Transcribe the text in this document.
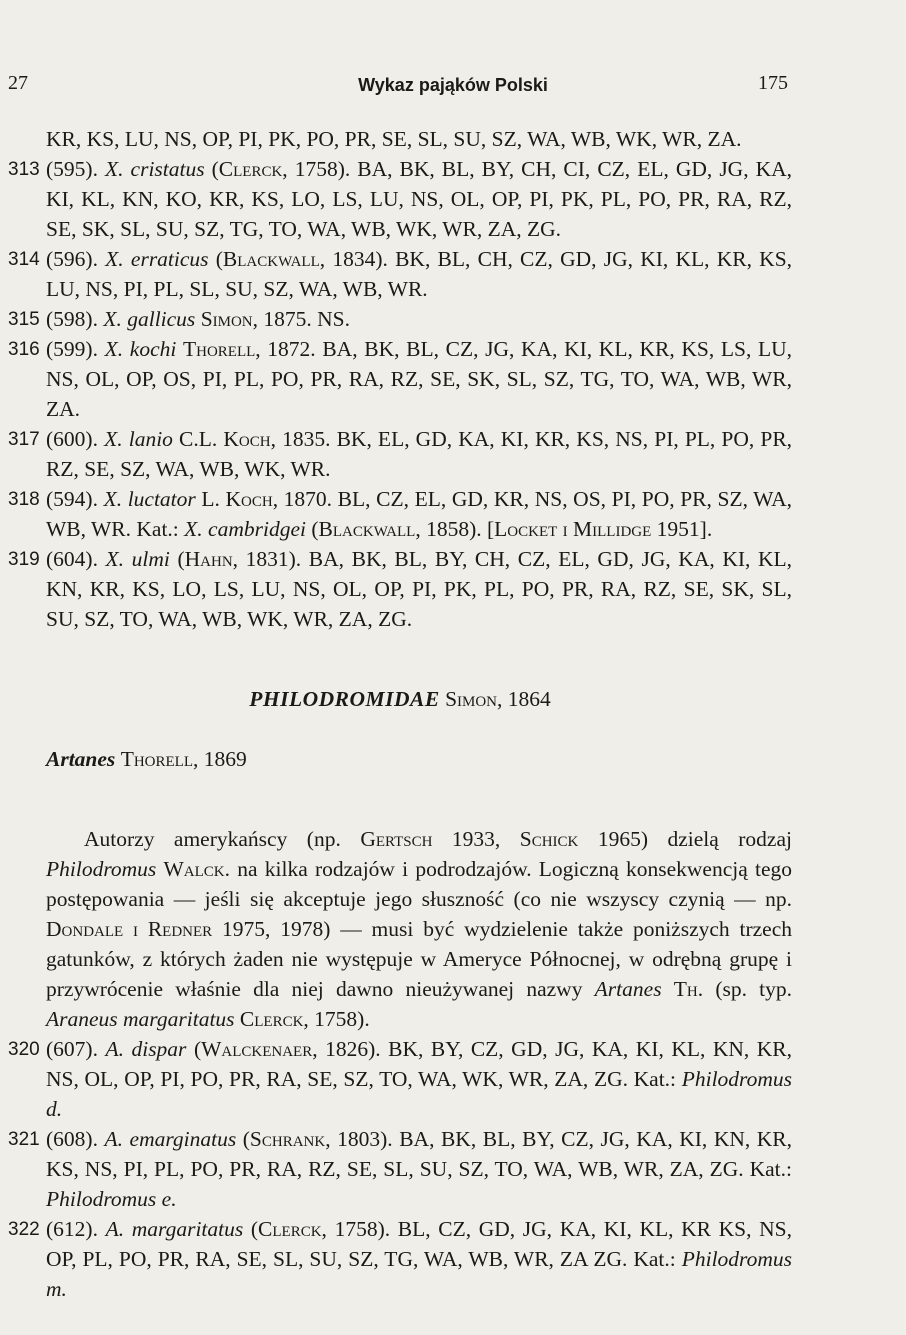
27	Wykaz pająków Polski	175
KR, KS, LU, NS, OP, PI, PK, PO, PR, SE, SL, SU, SZ, WA, WB, WK, WR, ZA.
313 (595). X. cristatus (Clerck, 1758). BA, BK, BL, BY, CH, CI, CZ, EL, GD, JG, KA, KI, KL, KN, KO, KR, KS, LO, LS, LU, NS, OL, OP, PI, PK, PL, PO, PR, RA, RZ, SE, SK, SL, SU, SZ, TG, TO, WA, WB, WK, WR, ZA, ZG.
314 (596). X. erraticus (Blackwall, 1834). BK, BL, CH, CZ, GD, JG, KI, KL, KR, KS, LU, NS, PI, PL, SL, SU, SZ, WA, WB, WR.
315 (598). X. gallicus Simon, 1875. NS.
316 (599). X. kochi Thorell, 1872. BA, BK, BL, CZ, JG, KA, KI, KL, KR, KS, LS, LU, NS, OL, OP, OS, PI, PL, PO, PR, RA, RZ, SE, SK, SL, SZ, TG, TO, WA, WB, WR, ZA.
317 (600). X. lanio C.L. Koch, 1835. BK, EL, GD, KA, KI, KR, KS, NS, PI, PL, PO, PR, RZ, SE, SZ, WA, WB, WK, WR.
318 (594). X. luctator L. Koch, 1870. BL, CZ, EL, GD, KR, NS, OS, PI, PO, PR, SZ, WA, WB, WR. Kat.: X. cambridgei (Blackwall, 1858). [Locket i Millidge 1951].
319 (604). X. ulmi (Hahn, 1831). BA, BK, BL, BY, CH, CZ, EL, GD, JG, KA, KI, KL, KN, KR, KS, LO, LS, LU, NS, OL, OP, PI, PK, PL, PO, PR, RA, RZ, SE, SK, SL, SU, SZ, TO, WA, WB, WK, WR, ZA, ZG.
PHILODROMIDAE Simon, 1864
Artanes Thorell, 1869
Autorzy amerykańscy (np. Gertsch 1933, Schick 1965) dzielą rodzaj Philodromus Walck. na kilka rodzajów i podrodzajów. Logiczną konsekwencją tego postępowania — jeśli się akceptuje jego słuszność (co nie wszyscy czynią — np. Dondale i Redner 1975, 1978) — musi być wydzielenie także poniższych trzech gatunków, z których żaden nie występuje w Ameryce Północnej, w odrębną grupę i przywrócenie właśnie dla niej dawno nieużywanej nazwy Artanes Th. (sp. typ. Araneus margaritatus Clerck, 1758).
320 (607). A. dispar (Walckenaer, 1826). BK, BY, CZ, GD, JG, KA, KI, KL, KN, KR, NS, OL, OP, PI, PO, PR, RA, SE, SZ, TO, WA, WK, WR, ZA, ZG. Kat.: Philodromus d.
321 (608). A. emarginatus (Schrank, 1803). BA, BK, BL, BY, CZ, JG, KA, KI, KN, KR, KS, NS, PI, PL, PO, PR, RA, RZ, SE, SL, SU, SZ, TO, WA, WB, WR, ZA, ZG. Kat.: Philodromus e.
322 (612). A. margaritatus (Clerck, 1758). BL, CZ, GD, JG, KA, KI, KL, KR KS, NS, OP, PL, PO, PR, RA, SE, SL, SU, SZ, TG, WA, WB, WR, ZA ZG. Kat.: Philodromus m.
